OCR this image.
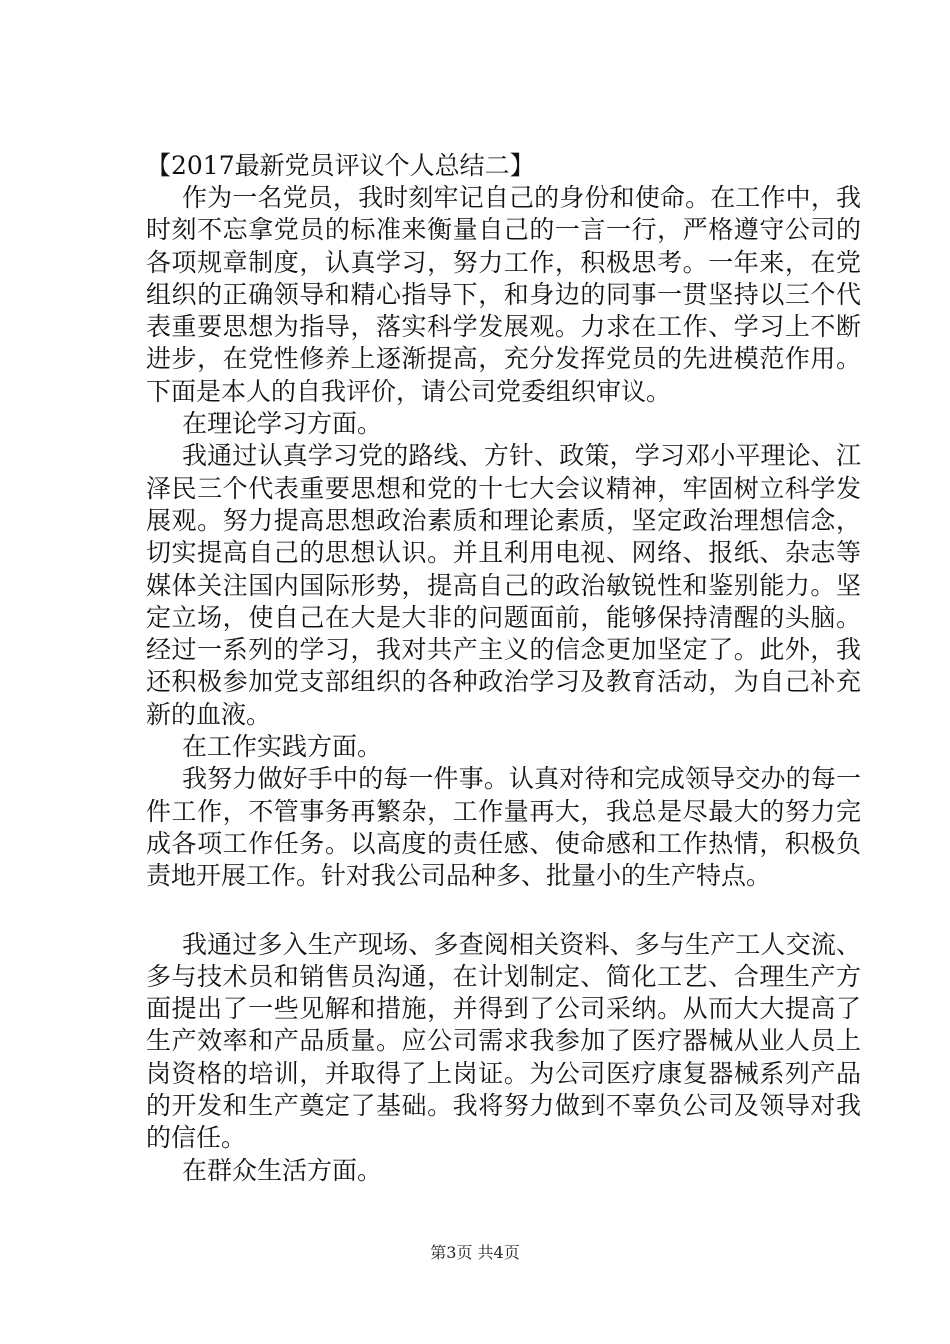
【2017最新党员评议个人总结二】

作为一名党员，我时刻牢记自己的身份和使命。在工作中，我时刻不忘拿党员的标准来衡量自己的一言一行，严格遵守公司的各项规章制度，认真学习，努力工作，积极思考。一年来，在党组织的正确领导和精心指导下，和身边的同事一贯坚持以三个代表重要思想为指导，落实科学发展观。力求在工作、学习上不断进步，在党性修养上逐渐提高，充分发挥党员的先进模范作用。下面是本人的自我评价，请公司党委组织审议。

在理论学习方面。

我通过认真学习党的路线、方针、政策，学习邓小平理论、江泽民三个代表重要思想和党的十七大会议精神，牢固树立科学发展观。努力提高思想政治素质和理论素质，坚定政治理想信念，切实提高自己的思想认识。并且利用电视、网络、报纸、杂志等媒体关注国内国际形势，提高自己的政治敏锐性和鉴别能力。坚定立场，使自己在大是大非的问题面前，能够保持清醒的头脑。经过一系列的学习，我对共产主义的信念更加坚定了。此外，我还积极参加党支部组织的各种政治学习及教育活动，为自己补充新的血液。

在工作实践方面。

我努力做好手中的每一件事。认真对待和完成领导交办的每一件工作，不管事务再繁杂，工作量再大，我总是尽最大的努力完成各项工作任务。以高度的责任感、使命感和工作热情，积极负责地开展工作。针对我公司品种多、批量小的生产特点。

我通过多入生产现场、多查阅相关资料、多与生产工人交流、多与技术员和销售员沟通，在计划制定、简化工艺、合理生产方面提出了一些见解和措施，并得到了公司采纳。从而大大提高了生产效率和产品质量。应公司需求我参加了医疗器械从业人员上岗资格的培训，并取得了上岗证。为公司医疗康复器械系列产品的开发和生产奠定了基础。我将努力做到不辜负公司及领导对我的信任。

在群众生活方面。

第3页 共4页
